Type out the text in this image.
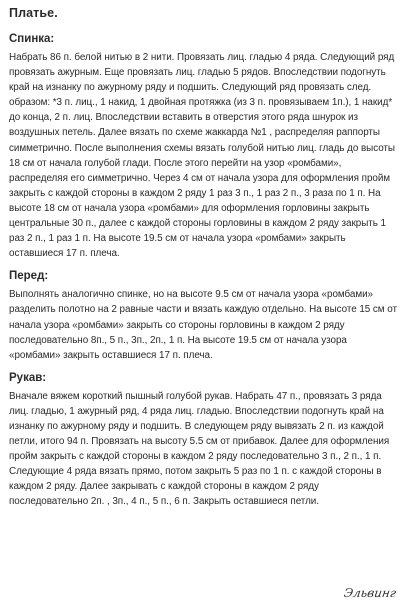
Платье.
Спинка:

Набрать 86 п. белой нитью в 2 нити. Провязать лиц. гладью 4 ряда. Следующий ряд провязать ажурным. Еще провязать лиц. гладью 5 рядов. Впоследствии подогнуть край на изнанку по ажурному ряду и подшить. Следующий ряд провязать след. образом: *3 п. лиц., 1 накид, 1 двойная протяжка (из 3 п. провязываем 1п.), 1 накид* до конца, 2 п. лиц. Впоследствии вставить в отверстия этого ряда шнурок из воздушных петель. Далее вязать по схеме жаккарда №1 , распределяя раппорты симметрично. После выполнения схемы вязать голубой нитью лиц. гладь до высоты 18 см от начала голубой глади. После этого перейти на узор «ромбами», распределяя его симметрично. Через 4 см от начала узора для оформления пройм закрыть с каждой стороны в каждом 2 ряду 1 раз 3 п., 1 раз 2 п., 3 раза по 1 п. На высоте 18 см от начала узора «ромбами» для оформления горловины закрыть центральные 30 п., далее с каждой стороны горловины в каждом 2 ряду закрыть 1 раз 2 п., 1 раз 1 п. На высоте 19.5 см от начала узора «ромбами» закрыть оставшиеся 17 п. плеча.

Перед:

Выполнять аналогично спинке, но на высоте 9.5 см от начала узора «ромбами» разделить полотно на 2 равные части и вязать каждую отдельно. На высоте 15 см от начала узора «ромбами» закрыть со стороны горловины в каждом 2 ряду последовательно 8п., 5 п., 3п., 2п., 1 п. На высоте 19.5 см от начала узора «ромбами» закрыть оставшиеся 17 п. плеча.

Рукав:

Вначале вяжем короткий пышный голубой рукав. Набрать 47 п., провязать 3 ряда лиц. гладью, 1 ажурный ряд, 4 ряда лиц. гладью. Впоследствии подогнуть край на изнанку по ажурному ряду и подшить. В следующем ряду вывязать 2 п. из каждой петли, итого 94 п. Провязать на высоту 5.5 см от прибавок. Далее для оформления пройм закрыть с каждой стороны в каждом 2 ряду последовательно 3 п., 2 п., 1 п. Следующие 4 ряда вязать прямо, потом закрыть 5 раз по 1 п. с каждой стороны в каждом 2 ряду. Далее закрывать с каждой стороны в каждом 2 ряду последовательно 2п. , 3п., 4 п., 5 п., 6 п. Закрыть оставшиеся петли.

Эльвинг
